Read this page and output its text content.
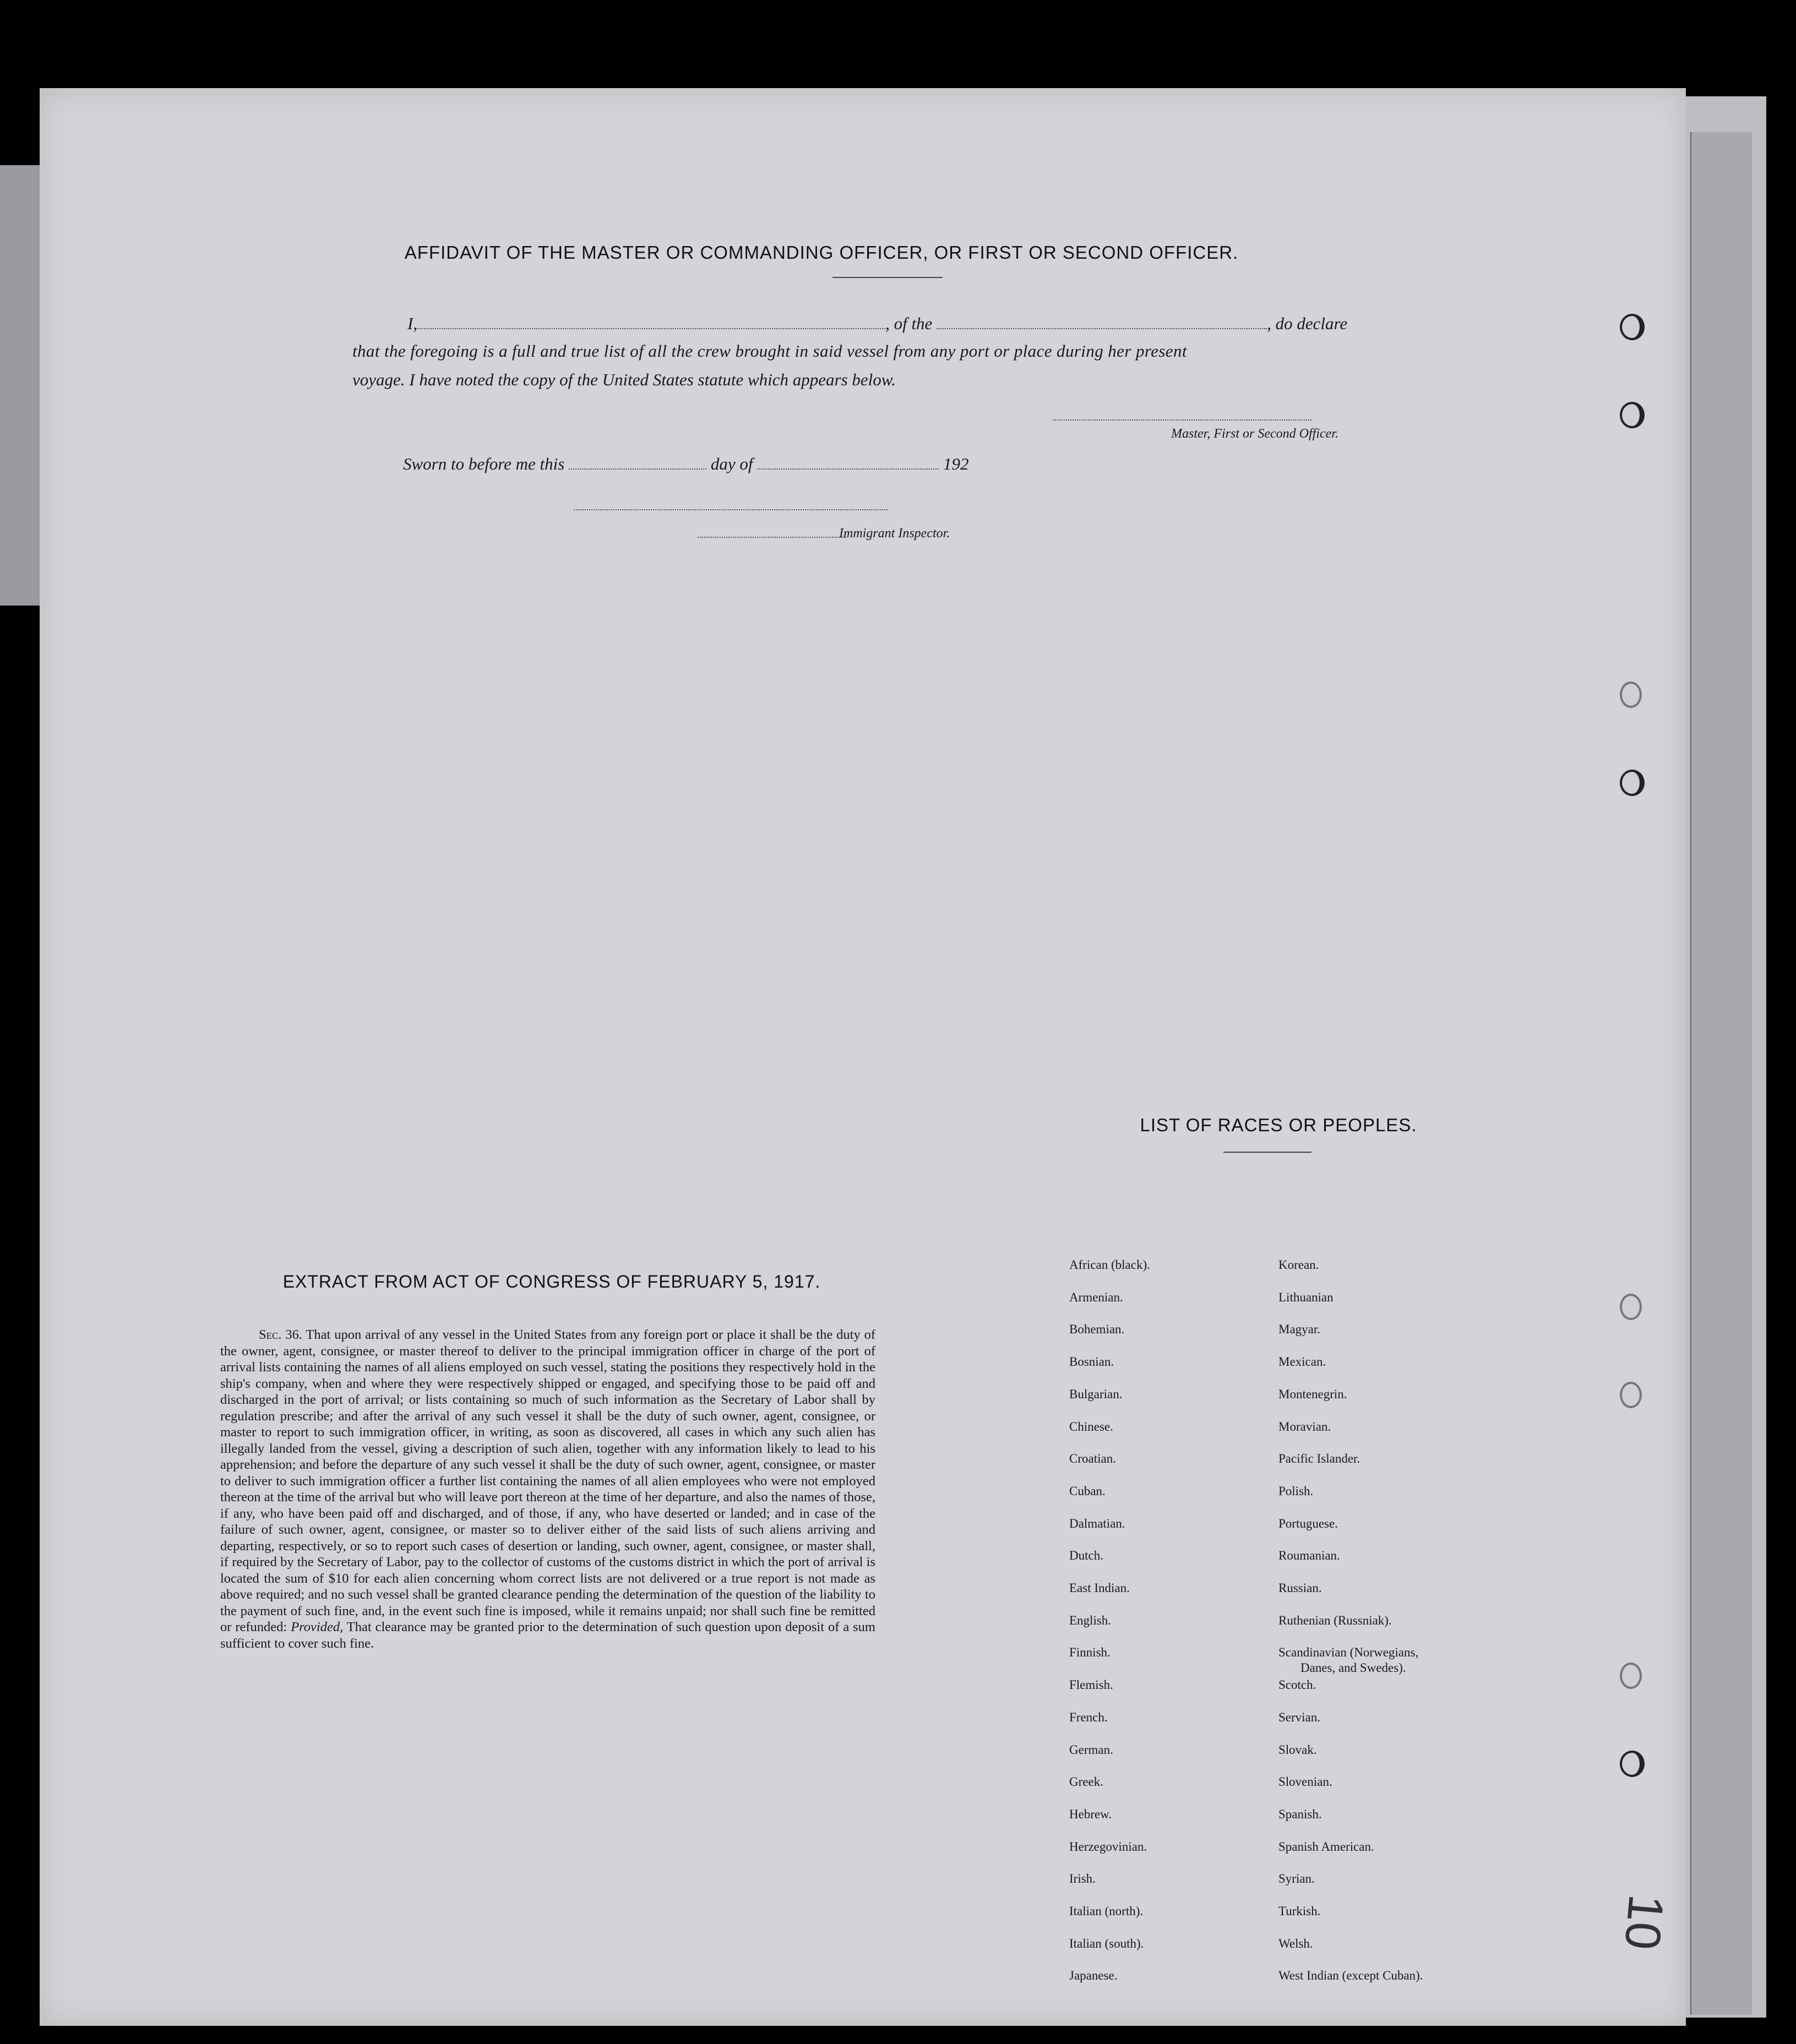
AFFIDAVIT OF THE MASTER OR COMMANDING OFFICER, OR FIRST OR SECOND OFFICER.
I,	, of the	, do declare
that the foregoing is a full and true list of all the crew brought in said vessel from any port or place during her present
voyage. I have noted the copy of the United States statute which appears below.
Master, First or Second Officer.
Sworn to before me this	day of	192
Immigrant Inspector.
EXTRACT FROM ACT OF CONGRESS OF FEBRUARY 5, 1917.
Sec. 36. That upon arrival of any vessel in the United States from any foreign port or place it shall be the duty of the owner, agent, consignee, or master thereof to deliver to the principal immigration officer in charge of the port of arrival lists containing the names of all aliens employed on such vessel, stating the positions they respectively hold in the ship's company, when and where they were respectively shipped or engaged, and specifying those to be paid off and discharged in the port of arrival; or lists containing so much of such information as the Secretary of Labor shall by regulation prescribe; and after the arrival of any such vessel it shall be the duty of such owner, agent, consignee, or master to report to such immigration officer, in writing, as soon as discovered, all cases in which any such alien has illegally landed from the vessel, giving a description of such alien, together with any information likely to lead to his apprehension; and before the departure of any such vessel it shall be the duty of such owner, agent, consignee, or master to deliver to such immigration officer a further list containing the names of all alien employees who were not employed thereon at the time of the arrival but who will leave port thereon at the time of her departure, and also the names of those, if any, who have been paid off and discharged, and of those, if any, who have deserted or landed; and in case of the failure of such owner, agent, consignee, or master so to deliver either of the said lists of such aliens arriving and departing, respectively, or so to report such cases of desertion or landing, such owner, agent, consignee, or master shall, if required by the Secretary of Labor, pay to the collector of customs of the customs district in which the port of arrival is located the sum of $10 for each alien concerning whom correct lists are not delivered or a true report is not made as above required; and no such vessel shall be granted clearance pending the determination of the question of the liability to the payment of such fine, and, in the event such fine is imposed, while it remains unpaid; nor shall such fine be remitted or refunded: Provided, That clearance may be granted prior to the determination of such question upon deposit of a sum sufficient to cover such fine.
LIST OF RACES OR PEOPLES.
African (black).
Armenian.
Bohemian.
Bosnian.
Bulgarian.
Chinese.
Croatian.
Cuban.
Dalmatian.
Dutch.
East Indian.
English.
Finnish.
Flemish.
French.
German.
Greek.
Hebrew.
Herzegovinian.
Irish.
Italian (north).
Italian (south).
Japanese.
Korean.
Lithuanian
Magyar.
Mexican.
Montenegrin.
Moravian.
Pacific Islander.
Polish.
Portuguese.
Roumanian.
Russian.
Ruthenian (Russniak).
Scandinavian (Norwegians,
Danes, and Swedes).
Scotch.
Servian.
Slovak.
Slovenian.
Spanish.
Spanish American.
Syrian.
Turkish.
Welsh.
West Indian (except Cuban).
10
